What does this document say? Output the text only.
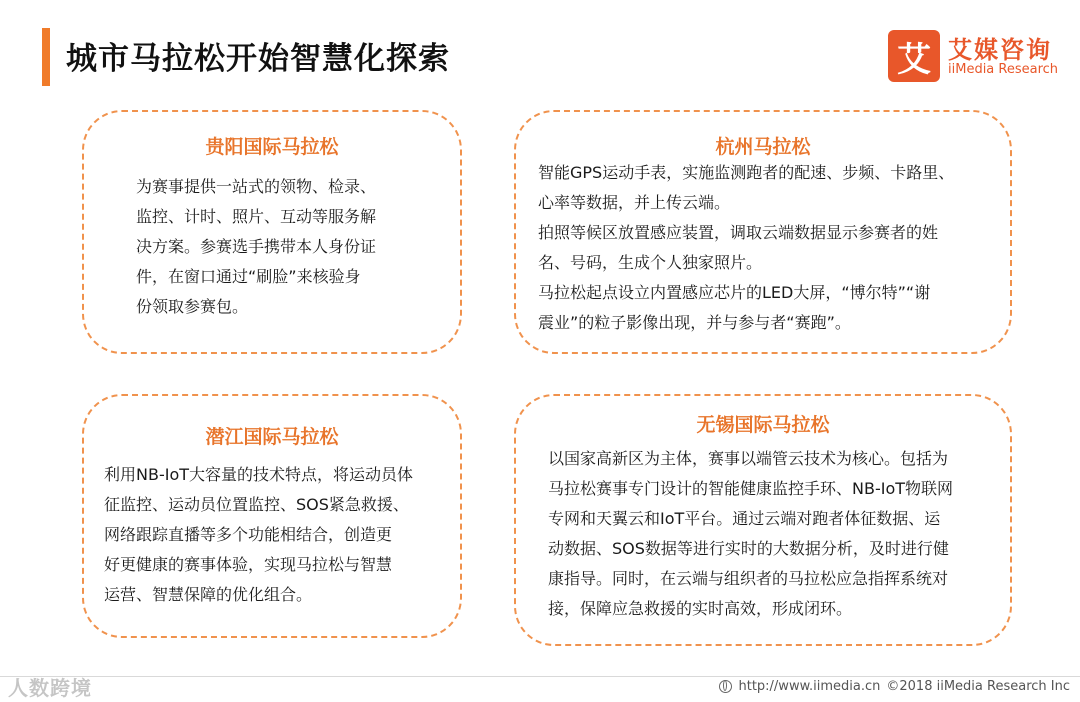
城市马拉松开始智慧化探索	艾 艾媒咨询
iiMedia Research
贵阳国际马拉松

为赛事提供一站式的领物、检录、

监控、计时、照片、互动等服务解

决方案。参赛选手携带本人身份证

件，在窗口通过“刷脸”来核验身

份领取参赛包。

杭州马拉松

智能GPS运动手表，实施监测跑者的配速、步频、卡路里、

心率等数据，并上传云端。

拍照等候区放置感应装置，调取云端数据显示参赛者的姓

名、号码，生成个人独家照片。

马拉松起点设立内置感应芯片的LED大屏，“博尔特”“谢

震业”的粒子影像出现，并与参与者“赛跑”。

潜江国际马拉松

利用NB-IoT大容量的技术特点，将运动员体

征监控、运动员位置监控、SOS紧急救援、

网络跟踪直播等多个功能相结合，创造更

好更健康的赛事体验，实现马拉松与智慧

运营、智慧保障的优化组合。

无锡国际马拉松

以国家高新区为主体，赛事以端管云技术为核心。包括为

马拉松赛事专门设计的智能健康监控手环、NB-IoT物联网

专网和天翼云和IoT平台。通过云端对跑者体征数据、运

动数据、SOS数据等进行实时的大数据分析，及时进行健

康指导。同时，在云端与组织者的马拉松应急指挥系统对

接，保障应急救援的实时高效，形成闭环。

人数跨境	http://www.iimedia.cn ©2018 iiMedia Research Inc
